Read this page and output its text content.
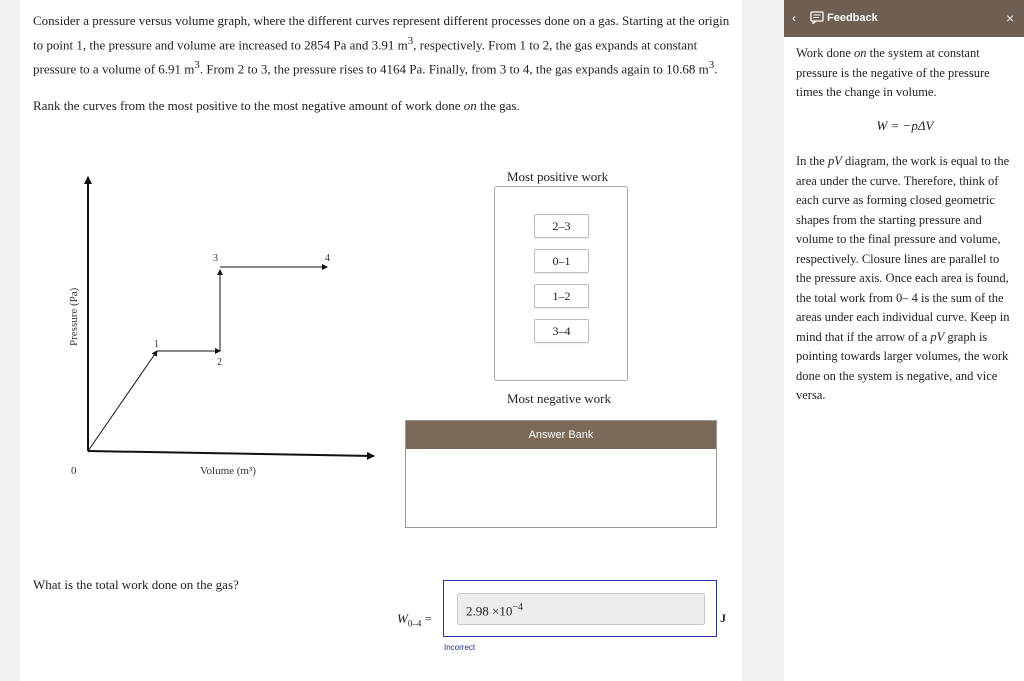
Consider a pressure versus volume graph, where the different curves represent different processes done on a gas. Starting at the origin to point 1, the pressure and volume are increased to 2854 Pa and 3.91 $m^3$, respectively. From 1 to 2, the gas expands at constant pressure to a volume of 6.91 $m^3$. From 2 to 3, the pressure rises to 4164 Pa. Finally, from 3 to 4, the gas expands again to 10.68 $m^3$.

Rank the curves from the most positive to the most negative amount of work done on the gas.

1
2
3	4
0	Volume (m³)
Pressure (Pa)
Most positive work
2–3
0–1
1–2
3–4
Most negative work
Answer Bank
What is the total work done on the gas?
$W_{0-4}$ =
$2.98 \times 10^{-4}$
J
Incorrect
‹	Feedback	×

Work done on the system at constant pressure is the negative of the pressure times the change in volume.

W = −pΔV

In the pV diagram, the work is equal to the area under the curve. Therefore, think of each curve as forming closed geometric shapes from the starting pressure and volume to the final pressure and volume, respectively. Closure lines are parallel to the pressure axis. Once each area is found, the total work from 0– 4 is the sum of the areas under each individual curve. Keep in mind that if the arrow of a pV graph is pointing towards larger volumes, the work done on the system is negative, and vice versa.
